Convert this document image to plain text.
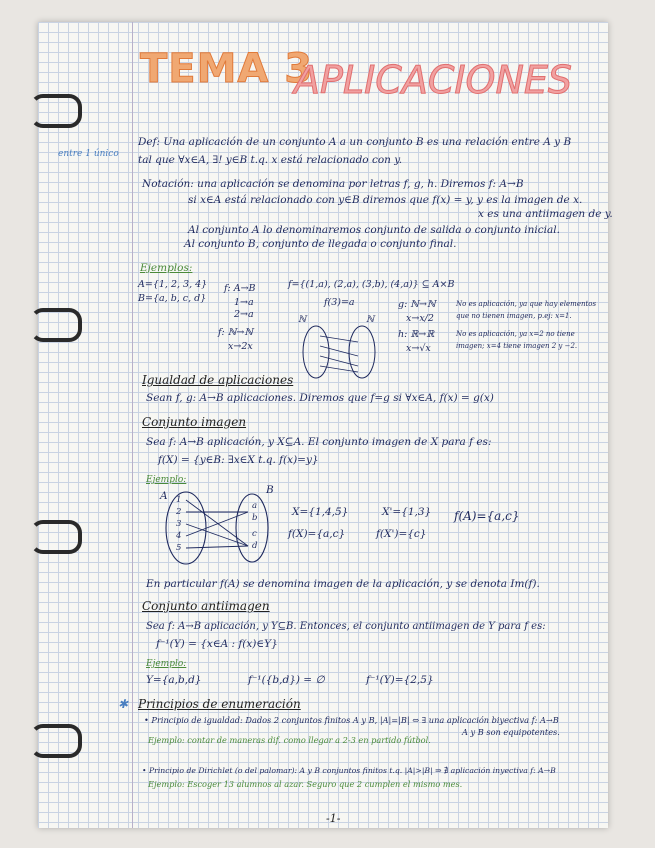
TEMA 3
APLICACIONES
entre 1 único
Def: Una aplicación de un conjunto A a un conjunto B es una relación entre A y B
tal que ∀x∈A, ∃! y∈B t.q. x está relacionado con y.
Notación: una aplicación se denomina por letras f, g, h. Diremos f: A→B
si x∈A está relacionado con y∈B diremos que f(x) = y, y es la imagen de x.
x es una antiimagen de y.
Al conjunto A lo denominaremos conjunto de salida o conjunto inicial.
Al conjunto B, conjunto de llegada o conjunto final.
Ejemplos:
A={1, 2, 3, 4}
B={a, b, c, d}
f: A→B
1→a
2→a
f: ℕ→ℕ
x→2x
f={(1,a), (2,a), (3,b), (4,a)} ⊆ A×B
f(3)=a
ℕ	ℕ
g: ℕ→ℕ
x→x/2
No es aplicación, ya que hay elementos
que no tienen imagen, p.ej: x=1.
h: ℝ→ℝ
x→√x
No es aplicación, ya x=2 no tiene
imagen; x=4 tiene imagen 2 y −2.
Igualdad de aplicaciones
Sean f, g: A→B aplicaciones. Diremos que f=g si ∀x∈A, f(x) = g(x)
Conjunto imagen
Sea f: A→B aplicación, y X⊆A. El conjunto imagen de X para f es:
f(X) = {y∈B: ∃x∈X t.q. f(x)=y}
Ejemplo:
A	B
1
2
3
4
5
a
b
c
d
X={1,4,5}
f(X)={a,c}
X'={1,3}
f(X')={c}
f(A)={a,c}
En particular f(A) se denomina imagen de la aplicación, y se denota Im(f).
Conjunto antiimagen
Sea f: A→B aplicación, y Y⊆B. Entonces, el conjunto antiimagen de Y para f es:
f⁻¹(Y) = {x∈A : f(x)∈Y}
Ejemplo:
Y={a,b,d}	f⁻¹({b,d}) = ∅	f⁻¹(Y)={2,5}
✱ Principios de enumeración
• Principio de igualdad: Dados 2 conjuntos finitos A y B, |A|=|B| ⇔ ∃ una aplicación biyectiva f: A→B
A y B son equipotentes.
Ejemplo: contar de maneras dif. como llegar a 2-3 en partido fútbol.
• Principio de Dirichlet (o del palomar): A y B conjuntos finitos t.q. |A|>|B| ⇒ ∄ aplicación inyectiva f: A→B
Ejemplo: Escoger 13 alumnos al azar. Seguro que 2 cumplen el mismo mes.
-1-
